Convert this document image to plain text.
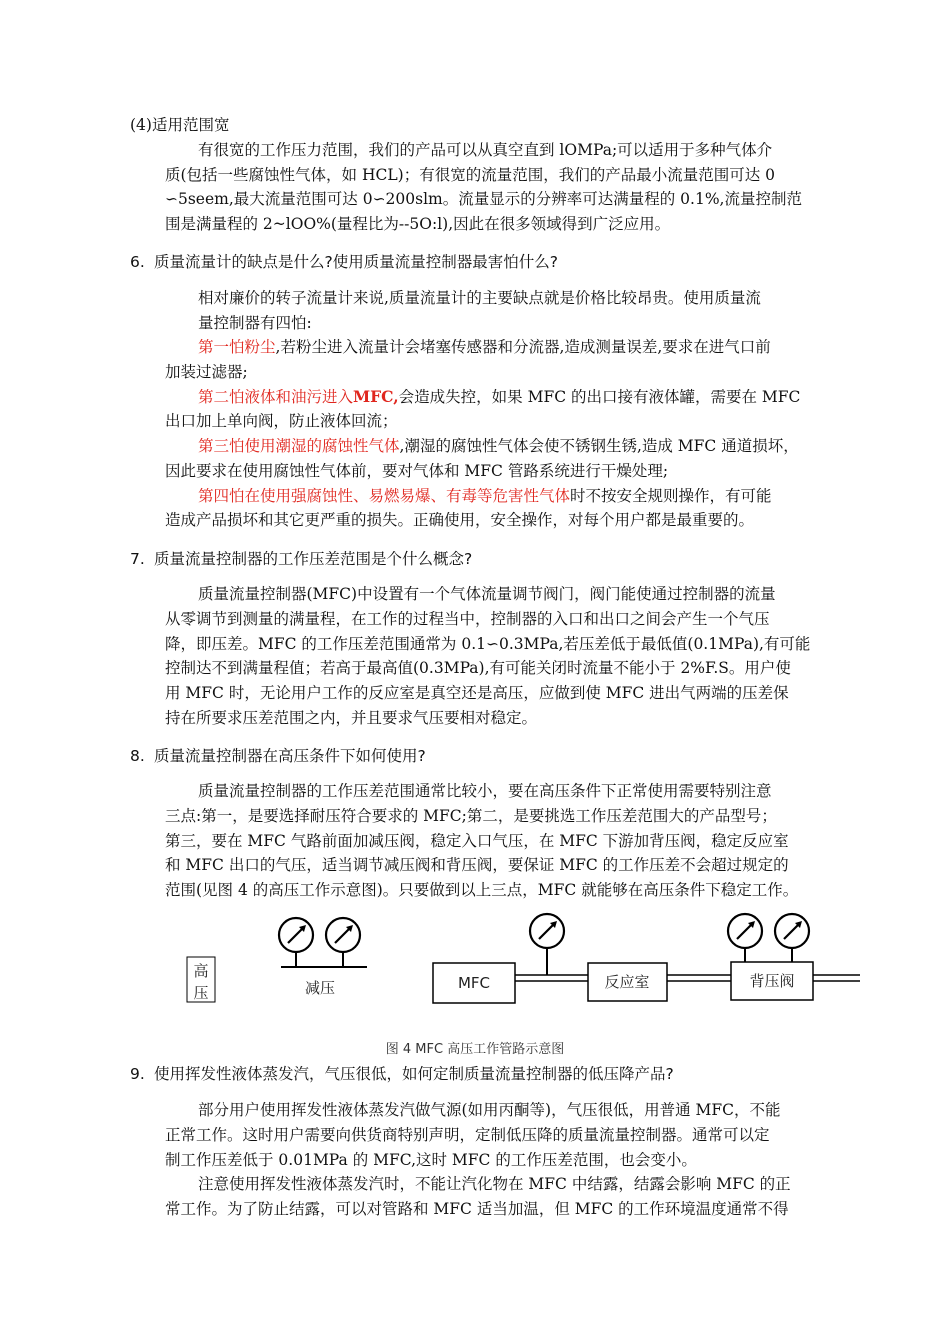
(4)适用范围宽
有很宽的工作压力范围，我们的产品可以从真空直到 lOMPa;可以适用于多种气体介
质(包括一些腐蚀性气体，如 HCL)；有很宽的流量范围，我们的产品最小流量范围可达 0
∽5seem,最大流量范围可达 0∽200slm。流量显示的分辨率可达满量程的 0.1%,流量控制范
围是满量程的 2~lOO%(量程比为--5O:l),因此在很多领域得到广泛应用。
6. 质量流量计的缺点是什么?使用质量流量控制器最害怕什么?
相对廉价的转子流量计来说,质量流量计的主要缺点就是价格比较昂贵。使用质量流
量控制器有四怕:
第一怕粉尘,若粉尘进入流量计会堵塞传感器和分流器,造成测量误差,要求在进气口前
加装过滤器;
第二怕液体和油污进入MFC,会造成失控，如果 MFC 的出口接有液体罐，需要在 MFC
出口加上单向阀，防止液体回流；
第三怕使用潮湿的腐蚀性气体,潮湿的腐蚀性气体会使不锈钢生锈,造成 MFC 通道损坏，
因此要求在使用腐蚀性气体前，要对气体和 MFC 管路系统进行干燥处理;
第四怕在使用强腐蚀性、易燃易爆、有毒等危害性气体时不按安全规则操作，有可能
造成产品损坏和其它更严重的损失。正确使用，安全操作，对每个用户都是最重要的。
7. 质量流量控制器的工作压差范围是个什么概念?
质量流量控制器(MFC)中设置有一个气体流量调节阀门，阀门能使通过控制器的流量
从零调节到测量的满量程，在工作的过程当中，控制器的入口和出口之间会产生一个气压
降，即压差。MFC 的工作压差范围通常为 0.1∽0.3MPa,若压差低于最低值(0.1MPa),有可能
控制达不到满量程值；若高于最高值(0.3MPa),有可能关闭时流量不能小于 2%F.S。用户使
用 MFC 时，无论用户工作的反应室是真空还是高压，应做到使 MFC 进出气两端的压差保
持在所要求压差范围之内，并且要求气压要相对稳定。
8. 质量流量控制器在高压条件下如何使用?
质量流量控制器的工作压差范围通常比较小，要在高压条件下正常使用需要特别注意
三点:第一，是要选择耐压符合要求的 MFC;第二，是要挑选工作压差范围大的产品型号；
第三，要在 MFC 气路前面加减压阀，稳定入口气压，在 MFC 下游加背压阀，稳定反应室
和 MFC 出口的气压，适当调节减压阀和背压阀，要保证 MFC 的工作压差不会超过规定的
范围(见图 4 的高压工作示意图)。只要做到以上三点，MFC 就能够在高压条件下稳定工作。
高
压	减压	MFC	反应室	背压阀
图 4 MFC 高压工作管路示意图
9. 使用挥发性液体蒸发汽，气压很低，如何定制质量流量控制器的低压降产品?
部分用户使用挥发性液体蒸发汽做气源(如用丙酮等)，气压很低，用普通 MFC，不能
正常工作。这时用户需要向供货商特别声明，定制低压降的质量流量控制器。通常可以定
制工作压差低于 0.01MPa 的 MFC,这时 MFC 的工作压差范围，也会变小。
注意使用挥发性液体蒸发汽时，不能让汽化物在 MFC 中结露，结露会影响 MFC 的正
常工作。为了防止结露，可以对管路和 MFC 适当加温，但 MFC 的工作环境温度通常不得
